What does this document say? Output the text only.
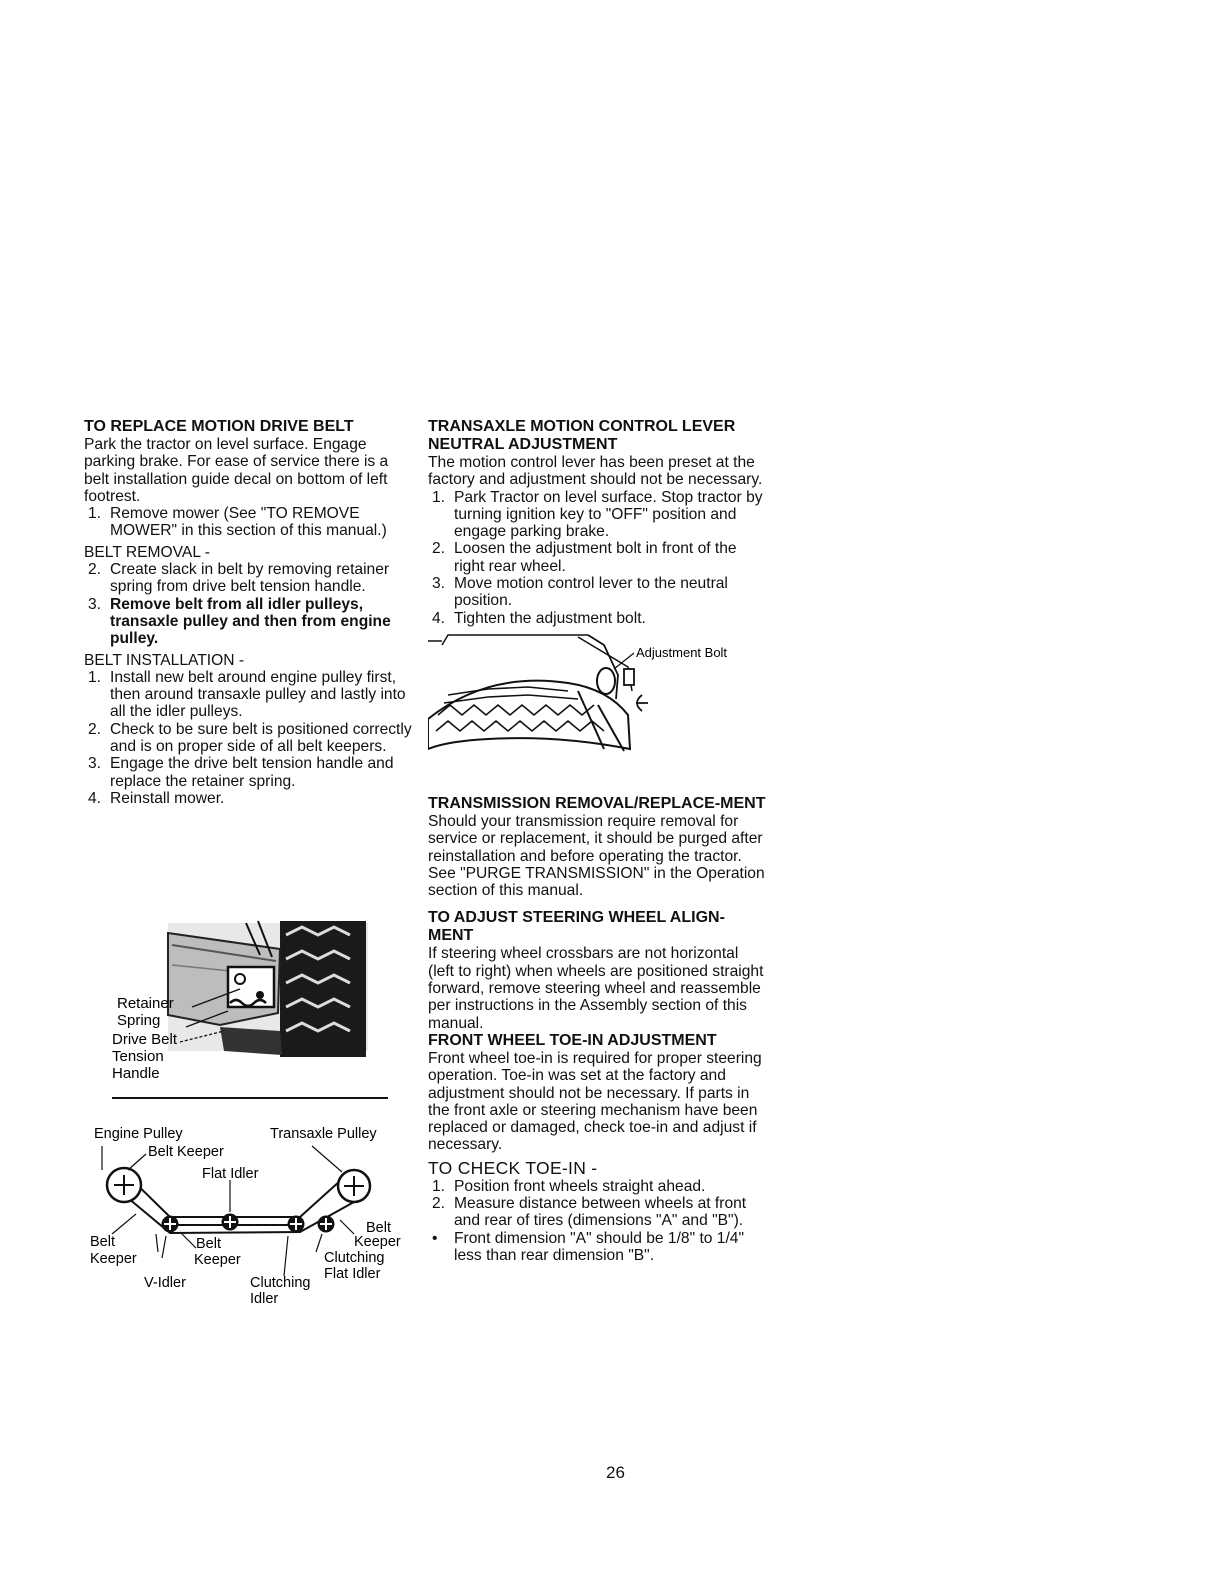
TO REPLACE MOTION DRIVE BELT

Park the tractor on level surface. Engage parking brake. For ease of service there is a belt installation guide decal on bottom of left footrest.

1. Remove mower (See "TO REMOVE MOWER" in this section of this manual.)

BELT REMOVAL -

2. Create slack in belt by removing retainer spring from drive belt tension handle.
3. Remove belt from all idler pulleys, transaxle pulley and then from engine pulley.

BELT INSTALLATION -

1. Install new belt around engine pulley first, then around transaxle pulley and lastly into all the idler pulleys.
2. Check to be sure belt is positioned correctly and is on proper side of all belt keepers.
3. Engage the drive belt tension handle and replace the retainer spring.
4. Reinstall mower.
Retainer
Spring
Drive Belt
Tension
Handle
Engine Pulley	Transaxle Pulley
Belt Keeper
Flat Idler
Belt
Keeper
Belt
Keeper
V-Idler	Clutching
Idler
Belt
Keeper
Clutching
Flat Idler

TRANSAXLE MOTION CONTROL LEVER NEUTRAL ADJUSTMENT

The motion control lever has been preset at the factory and adjustment should not be necessary.

1. Park Tractor on level surface. Stop tractor by turning ignition key to "OFF" position and engage parking brake.
2. Loosen the adjustment bolt in front of the right rear wheel.
3. Move motion control lever to the neutral position.
4. Tighten the adjustment bolt.
Adjustment Bolt

TRANSMISSION REMOVAL/REPLACE-MENT

Should your transmission require removal for service or replacement, it should be purged after reinstallation and before operating the tractor. See "PURGE TRANSMISSION" in the Operation section of this manual.

TO ADJUST STEERING WHEEL ALIGN-MENT

If steering wheel crossbars are not horizontal (left to right) when wheels are positioned straight forward, remove steering wheel and reassemble per instructions in the Assembly section of this manual.

FRONT WHEEL TOE-IN ADJUSTMENT

Front wheel toe-in is required for proper steering operation. Toe-in was set at the factory and adjustment should not be necessary. If parts in the front axle or steering mechanism have been replaced or damaged, check toe-in and adjust if necessary.

TO CHECK TOE-IN -

1. Position front wheels straight ahead.
2. Measure distance between wheels at front and rear of tires (dimensions "A" and "B").
• Front dimension "A" should be 1/8" to 1/4" less than rear dimension "B".
26
